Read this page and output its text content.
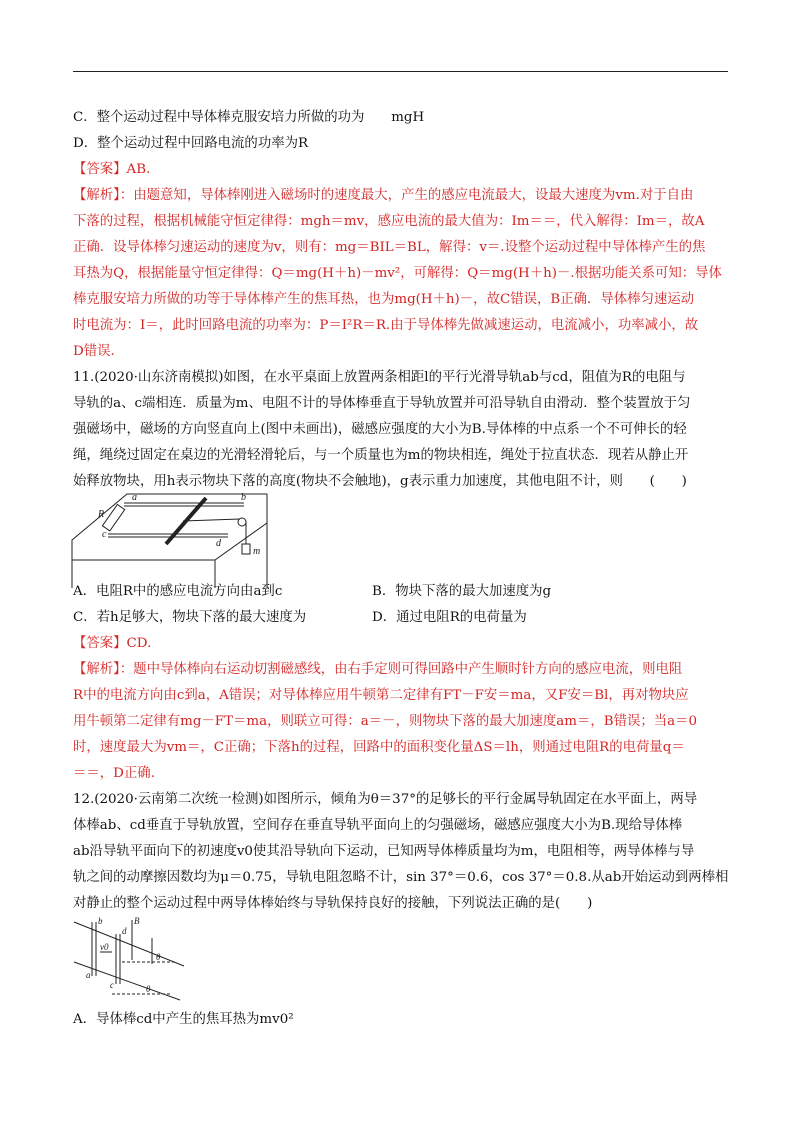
C．整个运动过程中导体棒克服安培力所做的功为　　mgH
D．整个运动过程中回路电流的功率为R
【答案】AB.
【解析】：由题意知，导体棒刚进入磁场时的速度最大，产生的感应电流最大，设最大速度为vm.对于自由
下落的过程，根据机械能守恒定律得：mgh＝mv，感应电流的最大值为：Im＝＝，代入解得：Im＝，故A
正确．设导体棒匀速运动的速度为v，则有：mg＝BIL＝BL，解得：v＝.设整个运动过程中导体棒产生的焦
耳热为Q，根据能量守恒定律得：Q＝mg(H＋h)－mv²，可解得：Q＝mg(H＋h)－.根据功能关系可知：导体
棒克服安培力所做的功等于导体棒产生的焦耳热，也为mg(H＋h)－，故C错误，B正确．导体棒匀速运动
时电流为：I＝，此时回路电流的功率为：P＝I²R＝R.由于导体棒先做减速运动，电流减小，功率减小，故
D错误.
11.(2020·山东济南模拟)如图，在水平桌面上放置两条相距l的平行光滑导轨ab与cd，阻值为R的电阻与
导轨的a、c端相连．质量为m、电阻不计的导体棒垂直于导轨放置并可沿导轨自由滑动．整个装置放于匀
强磁场中，磁场的方向竖直向上(图中未画出)，磁感应强度的大小为B.导体棒的中点系一个不可伸长的轻
绳，绳绕过固定在桌边的光滑轻滑轮后，与一个质量也为m的物块相连，绳处于拉直状态．现若从静止开
始释放物块，用h表示物块下落的高度(物块不会触地)，g表示重力加速度，其他电阻不计，则　　(　　)
a	b
R
c
d
m
A．电阻R中的感应电流方向由a到c	B．物块下落的最大加速度为g
C．若h足够大，物块下落的最大速度为	D．通过电阻R的电荷量为
【答案】CD.
【解析】：题中导体棒向右运动切割磁感线，由右手定则可得回路中产生顺时针方向的感应电流，则电阻
R中的电流方向由c到a，A错误；对导体棒应用牛顿第二定律有FT－F安＝ma，又F安＝Bl，再对物块应
用牛顿第二定律有mg－FT＝ma，则联立可得：a＝－，则物块下落的最大加速度am＝，B错误；当a＝0
时，速度最大为vm＝，C正确；下落h的过程，回路中的面积变化量ΔS＝lh，则通过电阻R的电荷量q＝
＝＝，D正确.
12.(2020·云南第二次统一检测)如图所示，倾角为θ＝37°的足够长的平行金属导轨固定在水平面上，两导
体棒ab、cd垂直于导轨放置，空间存在垂直导轨平面向上的匀强磁场，磁感应强度大小为B.现给导体棒
ab沿导轨平面向下的初速度v0使其沿导轨向下运动，已知两导体棒质量均为m，电阻相等，两导体棒与导
轨之间的动摩擦因数均为μ＝0.75，导轨电阻忽略不计，sin 37°＝0.6，cos 37°＝0.8.从ab开始运动到两棒相
对静止的整个运动过程中两导体棒始终与导轨保持良好的接触，下列说法正确的是(　　)
b	B
d
v0
θ
a
c	θ
A．导体棒cd中产生的焦耳热为mv0²
